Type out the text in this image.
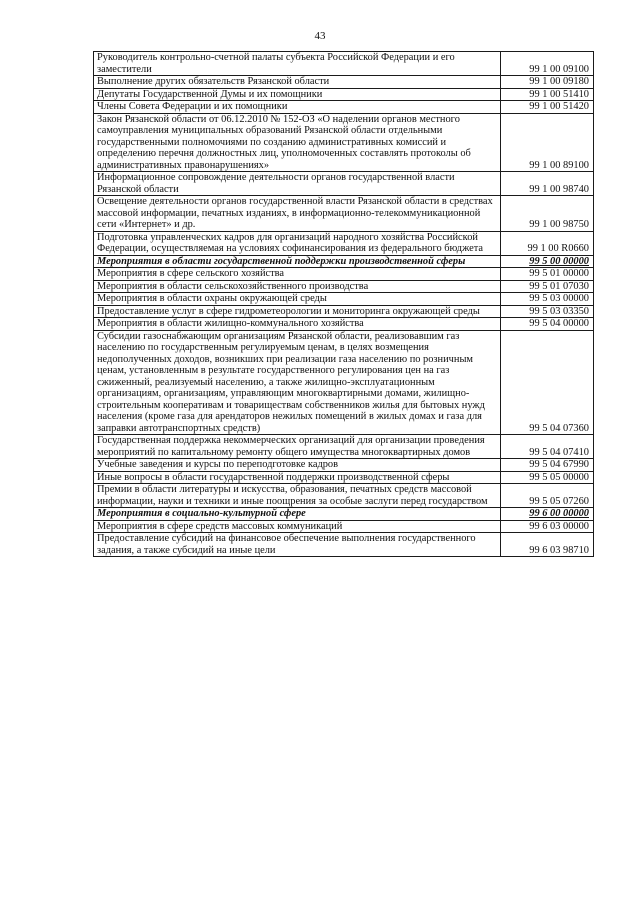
43
Руководитель контрольно-счетной палаты субъекта Российской Федерации и его заместители	99 1 00 09100
Выполнение других обязательств Рязанской области	99 1 00 09180
Депутаты Государственной Думы и их помощники	99 1 00 51410
Члены Совета Федерации и их помощники	99 1 00 51420
Закон Рязанской области от 06.12.2010 № 152-ОЗ «О наделении органов местного самоуправления муниципальных образований Рязанской области отдельными государственными полномочиями по созданию административных комиссий и определению перечня должностных лиц, уполномоченных составлять протоколы об административных правонарушениях»	99 1 00 89100
Информационное сопровождение деятельности органов государственной власти Рязанской области	99 1 00 98740
Освещение деятельности органов государственной власти Рязанской области в средствах массовой информации, печатных изданиях, в информационно-телекоммуникационной сети «Интернет» и др.	99 1 00 98750
Подготовка управленческих кадров для организаций народного хозяйства Российской Федерации, осуществляемая на условиях софинансирования из федерального бюджета	99 1 00 R0660
Мероприятия в области государственной поддержки производственной сферы	99 5 00 00000
Мероприятия в сфере сельского хозяйства	99 5 01 00000
Мероприятия в области сельскохозяйственного производства	99 5 01 07030
Мероприятия в области охраны окружающей среды	99 5 03 00000
Предоставление услуг в сфере гидрометеорологии и мониторинга окружающей среды	99 5 03 03350
Мероприятия в области жилищно-коммунального хозяйства	99 5 04 00000
Субсидии газоснабжающим организациям Рязанской области, реализовавшим газ населению по государственным регулируемым ценам, в целях возмещения недополученных доходов, возникших при реализации газа населению по розничным ценам, установленным в результате государственного регулирования цен на газ сжиженный, реализуемый населению, а также жилищно-эксплуатационным организациям, организациям, управляющим многоквартирными домами, жилищно-строительным кооперативам и товариществам собственников жилья для бытовых нужд населения (кроме газа для арендаторов нежилых помещений в жилых домах и газа для заправки автотранспортных средств)	99 5 04 07360
Государственная поддержка некоммерческих организаций для организации проведения мероприятий по капитальному ремонту общего имущества многоквартирных домов	99 5 04 07410
Учебные заведения и курсы по переподготовке кадров	99 5 04 67990
Иные вопросы в области государственной поддержки производственной сферы	99 5 05 00000
Премии в области литературы и искусства, образования, печатных средств массовой информации, науки и техники и иные поощрения за особые заслуги перед государством	99 5 05 07260
Мероприятия в социально-культурной сфере	99 6 00 00000
Мероприятия в сфере средств массовых коммуникаций	99 6 03 00000
Предоставление субсидий на финансовое обеспечение выполнения государственного задания, а также субсидий на иные цели	99 6 03 98710
